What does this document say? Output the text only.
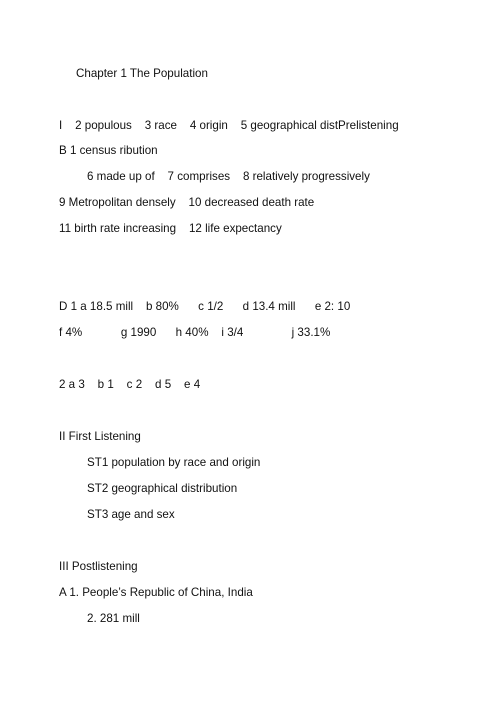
Chapter 1 The Population
I    2 populous    3 race    4 origin    5 geographical distPrelistening
B 1 census ribution
6 made up of    7 comprises    8 relatively progressively
9 Metropolitan densely    10 decreased death rate
11 birth rate increasing    12 life expectancy
D 1 a 18.5 mill    b 80%      c 1/2      d 13.4 mill      e 2: 10
f 4%            g 1990      h 40%    i 3/4               j 33.1%
2 a 3    b 1    c 2    d 5    e 4
II First Listening
ST1 population by race and origin
ST2 geographical distribution
ST3 age and sex
III Postlistening
A 1. People’s Republic of China, India
2. 281 mill
